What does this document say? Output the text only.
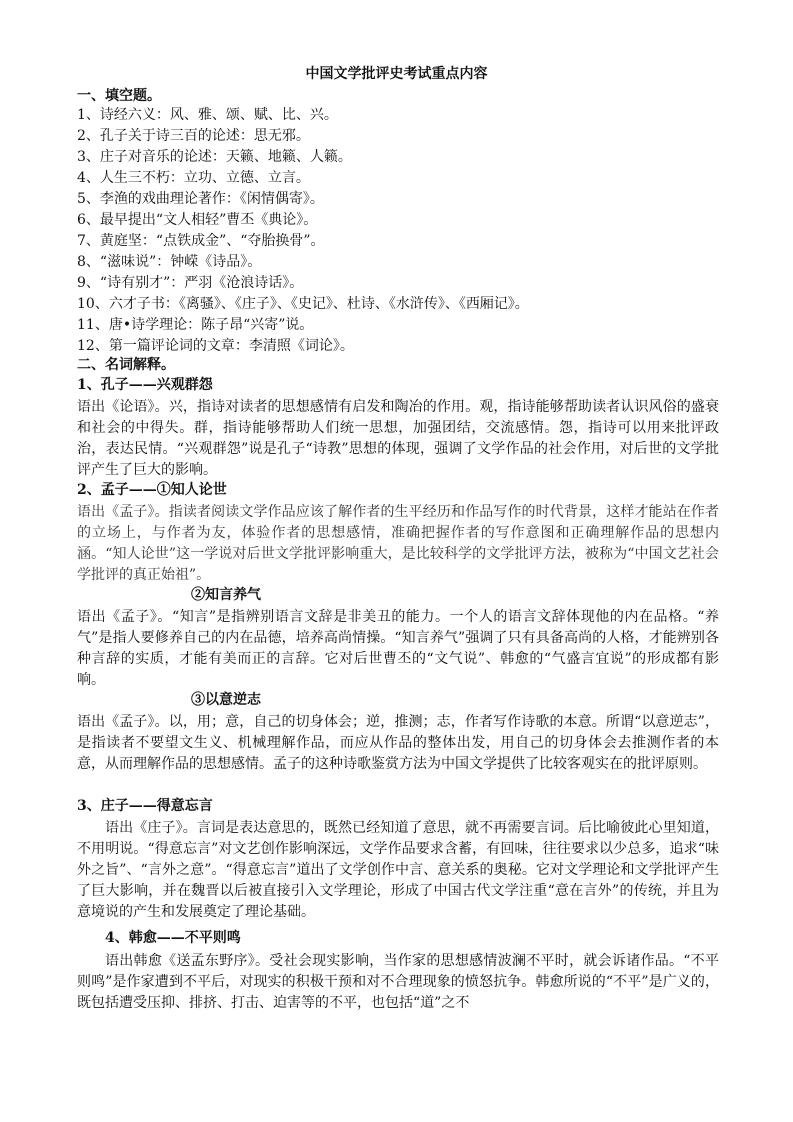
中国文学批评史考试重点内容
一、填空题。
1、诗经六义：风、雅、颂、赋、比、兴。
2、孔子关于诗三百的论述：思无邪。
3、庄子对音乐的论述：天籁、地籁、人籁。
4、人生三不朽：立功、立德、立言。
5、李渔的戏曲理论著作：《闲情偶寄》。
6、最早提出“文人相轻”曹丕《典论》。
7、黄庭坚：“点铁成金”、“夺胎换骨”。
8、“滋味说”：钟嵘《诗品》。
9、“诗有别才”：严羽《沧浪诗话》。
10、六才子书：《离骚》、《庄子》、《史记》、杜诗、《水浒传》、《西厢记》。
11、唐•诗学理论：陈子昂“兴寄”说。
12、第一篇评论词的文章：李清照《词论》。
二、名词解释。
1、孔子——兴观群怨

语出《论语》。兴，指诗对读者的思想感情有启发和陶冶的作用。观，指诗能够帮助读者认识风俗的盛衰和社会的中得失。群，指诗能够帮助人们统一思想，加强团结，交流感情。怨，指诗可以用来批评政治，表达民情。“兴观群怨”说是孔子“诗教”思想的体现，强调了文学作品的社会作用，对后世的文学批评产生了巨大的影响。

2、孟子——①知人论世

语出《孟子》。指读者阅读文学作品应该了解作者的生平经历和作品写作的时代背景，这样才能站在作者的立场上，与作者为友，体验作者的思想感情，准确把握作者的写作意图和正确理解作品的思想内涵。“知人论世”这一学说对后世文学批评影响重大，是比较科学的文学批评方法，被称为“中国文艺社会学批评的真正始祖”。

②知言养气

语出《孟子》。“知言”是指辨别语言文辞是非美丑的能力。一个人的语言文辞体现他的内在品格。“养气”是指人要修养自己的内在品德，培养高尚情操。“知言养气”强调了只有具备高尚的人格，才能辨别各种言辞的实质，才能有美而正的言辞。它对后世曹丕的“文气说”、韩愈的“气盛言宜说”的形成都有影响。

③以意逆志

语出《孟子》。以，用；意，自己的切身体会；逆，推测；志，作者写作诗歌的本意。所谓“以意逆志”，是指读者不要望文生义、机械理解作品，而应从作品的整体出发，用自己的切身体会去推测作者的本意，从而理解作品的思想感情。孟子的这种诗歌鉴赏方法为中国文学提供了比较客观实在的批评原则。

3、庄子——得意忘言

语出《庄子》。言词是表达意思的，既然已经知道了意思，就不再需要言词。后比喻彼此心里知道，不用明说。“得意忘言”对文艺创作影响深远，文学作品要求含蓄，有回味，往往要求以少总多，追求“味外之旨”、“言外之意”。“得意忘言”道出了文学创作中言、意关系的奥秘。它对文学理论和文学批评产生了巨大影响，并在魏晋以后被直接引入文学理论，形成了中国古代文学注重“意在言外”的传统，并且为意境说的产生和发展奠定了理论基础。

4、韩愈——不平则鸣

语出韩愈《送孟东野序》。受社会现实影响，当作家的思想感情波澜不平时，就会诉诸作品。“不平则鸣”是作家遭到不平后，对现实的积极干预和对不合理现象的愤怒抗争。韩愈所说的“不平”是广义的，既包括遭受压抑、排挤、打击、迫害等的不平，也包括“道”之不
